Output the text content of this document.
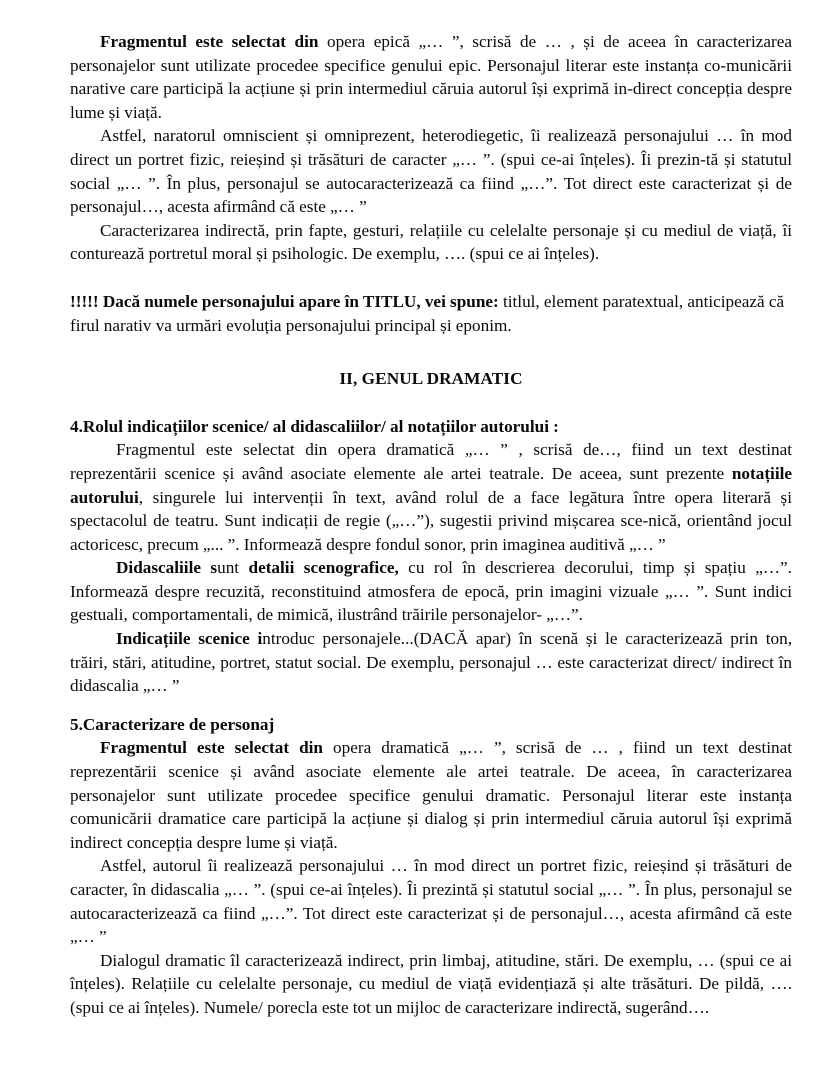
Fragmentul este selectat din opera epică „… ”, scrisă de … , și de aceea în caracterizarea personajelor sunt utilizate procedee specifice genului epic. Personajul literar este instanța co-municării narative care participă la acțiune și prin intermediul căruia autorul își exprimă in-direct concepția despre lume și viață.

Astfel, naratorul omniscient și omniprezent, heterodiegetic, îi realizează personajului … în mod direct un portret fizic, reieșind și trăsături de caracter „… ”. (spui ce-ai înțeles). Îi prezin-tă și statutul social „… ”. În plus, personajul se autocaracterizează ca fiind „…”. Tot direct este caracterizat și de personajul…, acesta afirmând că este „… ”

Caracterizarea indirectă, prin fapte, gesturi, relațiile cu celelalte personaje și cu mediul de viață, îi conturează portretul moral și psihologic. De exemplu, …. (spui ce ai înțeles).

!!!!! Dacă numele personajului apare în TITLU, vei spune: titlul, element paratextual, anticipează că firul narativ va urmări evoluția personajului principal și eponim.

II, GENUL DRAMATIC

4.Rolul indicațiilor scenice/ al didascaliilor/ al notațiilor autorului :

Fragmentul este selectat din opera dramatică „… ” , scrisă de…, fiind un text destinat reprezentării scenice și având asociate elemente ale artei teatrale. De aceea, sunt prezente notațiile autorului, singurele lui intervenții în text, având rolul de a face legătura între opera literară și spectacolul de teatru. Sunt indicații de regie („…”), sugestii privind mișcarea sce-nică, orientând jocul actoricesc, precum „... ”. Informează despre fondul sonor, prin imaginea auditivă „… ”

Didascaliile sunt detalii scenografice, cu rol în descrierea decorului, timp și spațiu „…”. Informează despre recuzită, reconstituind atmosfera de epocă, prin imagini vizuale „… ”. Sunt indici gestuali, comportamentali, de mimică, ilustrând trăirile personajelor- „…”.

Indicațiile scenice introduc personajele...(DACĂ apar) în scenă și le caracterizează prin ton, trăiri, stări, atitudine, portret, statut social. De exemplu, personajul … este caracterizat direct/ indirect în didascalia „… ”

5.Caracterizare de personaj

Fragmentul este selectat din opera dramatică „… ”, scrisă de … , fiind un text destinat reprezentării scenice și având asociate elemente ale artei teatrale. De aceea, în caracterizarea personajelor sunt utilizate procedee specifice genului dramatic. Personajul literar este instanța comunicării dramatice care participă la acțiune și dialog și prin intermediul căruia autorul își exprimă indirect concepția despre lume și viață.

Astfel, autorul îi realizează personajului … în mod direct un portret fizic, reieșind și trăsături de caracter, în didascalia „… ”. (spui ce-ai înțeles). Îi prezintă și statutul social „… ”. În plus, personajul se autocaracterizează ca fiind „…”. Tot direct este caracterizat și de personajul…, acesta afirmând că este „… ”

Dialogul dramatic îl caracterizează indirect, prin limbaj, atitudine, stări. De exemplu, … (spui ce ai înțeles). Relațiile cu celelalte personaje, cu mediul de viață evidențiază și alte trăsături. De pildă, …. (spui ce ai înțeles). Numele/ porecla este tot un mijloc de caracterizare indirectă, sugerând….
